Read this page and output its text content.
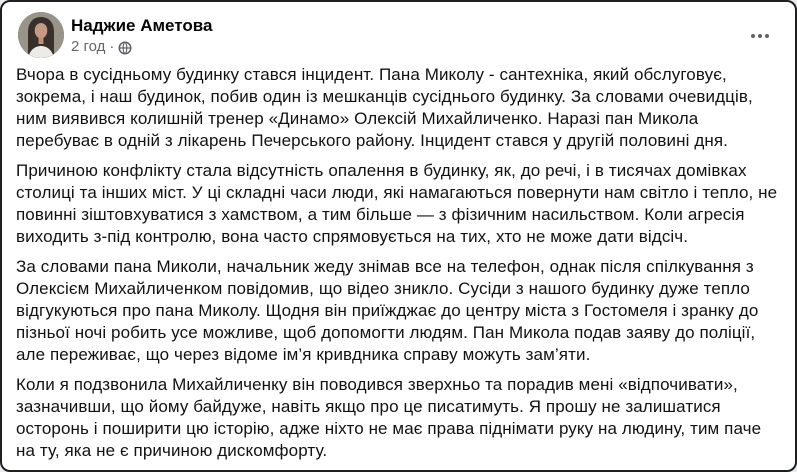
Наджие Аметова
2 год ·

Вчора в сусідньому будинку стався інцидент. Пана Миколу - сантехніка, який обслуговує, зокрема, і наш будинок, побив один із мешканців сусіднього будинку. За словами очевидців, ним виявився колишній тренер «Динамо» Олексій Михайличенко. Наразі пан Микола перебуває в одній з лікарень Печерського району. Інцидент стався у другій половині дня.

Причиною конфлікту стала відсутність опалення в будинку, як, до речі, і в тисячах домівках столиці та інших міст. У ці складні часи люди, які намагаються повернути нам світло і тепло, не повинні зіштовхуватися з хамством, а тим більше — з фізичним насильством. Коли агресія виходить з-під контролю, вона часто спрямовується на тих, хто не може дати відсіч.

За словами пана Миколи, начальник жеду знімав все на телефон, однак після спілкування з Олексієм Михайличенком повідомив, що відео зникло. Сусіди з нашого будинку дуже тепло відгукуються про пана Миколу. Щодня він приїжджає до центру міста з Гостомеля і зранку до пізньої ночі робить усе можливе, щоб допомогти людям. Пан Микола подав заяву до поліції, але переживає, що через відоме ім’я кривдника справу можуть зам’яти.

Коли я подзвонила Михайличенку він поводився зверхньо та порадив мені «відпочивати», зазначивши, що йому байдуже, навіть якщо про це писатимуть. Я прошу не залишатися осторонь і поширити цю історію, адже ніхто не має права піднімати руку на людину, тим паче на ту, яка не є причиною дискомфорту.
